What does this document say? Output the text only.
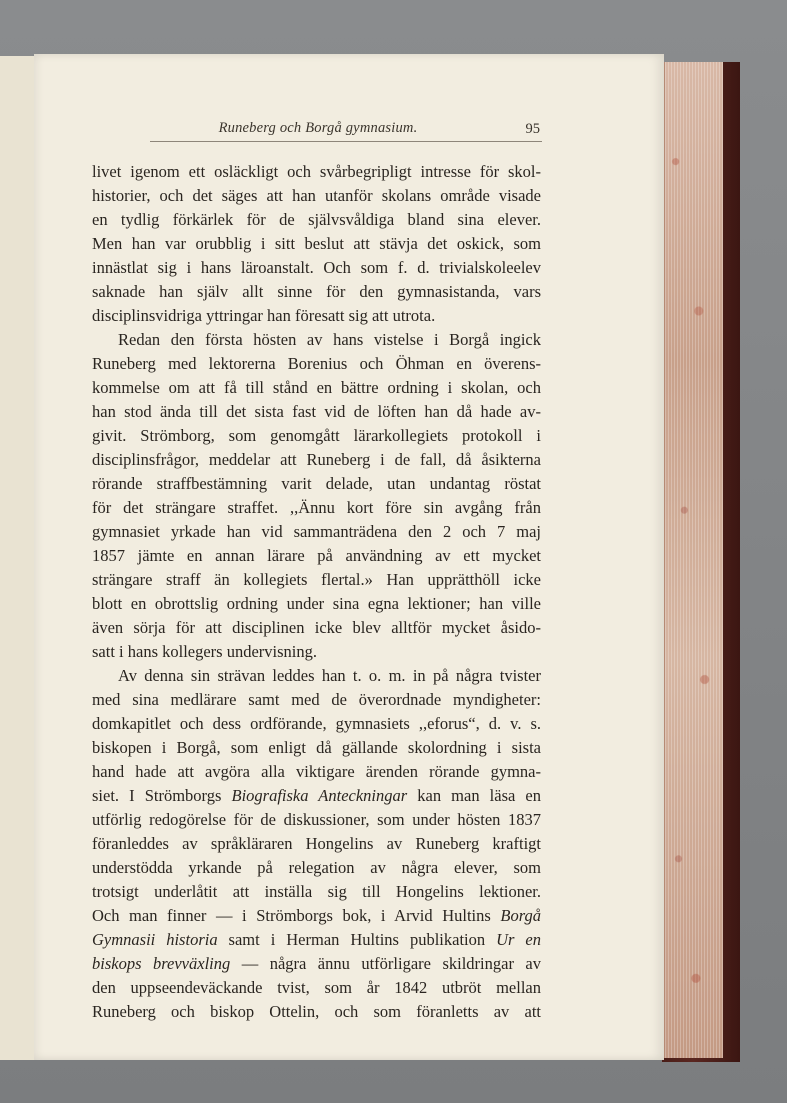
Runeberg och Borgå gymnasium.	95
livet igenom ett osläckligt och svårbegripligt intresse för skol-
historier, och det säges att han utanför skolans område visade
en tydlig förkärlek för de självsvåldiga bland sina elever.
Men han var orubblig i sitt beslut att stävja det oskick, som
innästlat sig i hans läroanstalt. Och som f. d. trivialskoleelev
saknade han själv allt sinne för den gymnasistanda, vars
disciplinsvidriga yttringar han föresatt sig att utrota.
Redan den första hösten av hans vistelse i Borgå ingick
Runeberg med lektorerna Borenius och Öhman en överens-
kommelse om att få till stånd en bättre ordning i skolan, och
han stod ända till det sista fast vid de löften han då hade av-
givit. Strömborg, som genomgått lärarkollegiets protokoll i
disciplinsfrågor, meddelar att Runeberg i de fall, då åsikterna
rörande straffbestämning varit delade, utan undantag röstat
för det strängare straffet. ,,Ännu kort före sin avgång från
gymnasiet yrkade han vid sammanträdena den 2 och 7 maj
1857 jämte en annan lärare på användning av ett mycket
strängare straff än kollegiets flertal.» Han upprätthöll icke
blott en obrottslig ordning under sina egna lektioner; han ville
även sörja för att disciplinen icke blev alltför mycket åsido-
satt i hans kollegers undervisning.
Av denna sin strävan leddes han t. o. m. in på några tvister
med sina medlärare samt med de överordnade myndigheter:
domkapitlet och dess ordförande, gymnasiets ,,eforus“, d. v. s.
biskopen i Borgå, som enligt då gällande skolordning i sista
hand hade att avgöra alla viktigare ärenden rörande gymna-
siet. I Strömborgs Biografiska Anteckningar kan man läsa en
utförlig redogörelse för de diskussioner, som under hösten 1837
föranleddes av språkläraren Hongelins av Runeberg kraftigt
understödda yrkande på relegation av några elever, som
trotsigt underlåtit att inställa sig till Hongelins lektioner.
Och man finner — i Strömborgs bok, i Arvid Hultins Borgå
Gymnasii historia samt i Herman Hultins publikation Ur en
biskops brevväxling — några ännu utförligare skildringar av
den uppseendeväckande tvist, som år 1842 utbröt mellan
Runeberg och biskop Ottelin, och som föranletts av att
